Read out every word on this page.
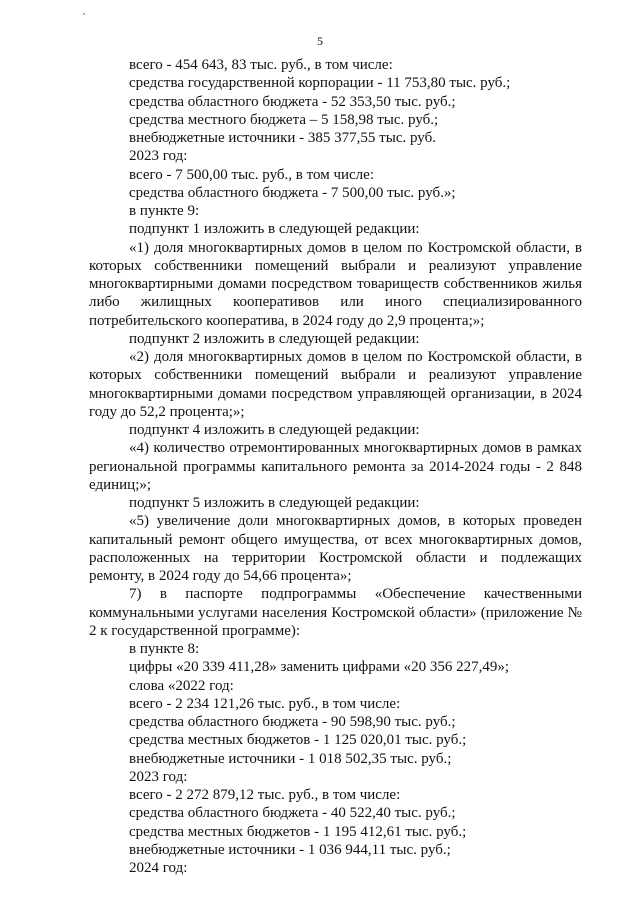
5
всего - 454 643, 83 тыс. руб., в том числе:
средства государственной корпорации - 11 753,80 тыс. руб.;
средства областного бюджета - 52 353,50 тыс. руб.;
средства местного бюджета – 5 158,98 тыс. руб.;
внебюджетные источники - 385 377,55 тыс. руб.
2023 год:
всего - 7 500,00 тыс. руб., в том числе:
средства областного бюджета - 7 500,00 тыс. руб.»;
в пункте 9:
подпункт 1 изложить в следующей редакции:
«1) доля многоквартирных домов в целом по Костромской области, в которых собственники помещений выбрали и реализуют управление многоквартирными домами посредством товариществ собственников жилья либо жилищных кооперативов или иного специализированного потребительского кооператива, в 2024 году до 2,9 процента;»;
подпункт 2 изложить в следующей редакции:
«2) доля многоквартирных домов в целом по Костромской области, в которых собственники помещений выбрали и реализуют управление многоквартирными домами посредством управляющей организации, в 2024 году до 52,2 процента;»;
подпункт 4 изложить в следующей редакции:
«4) количество отремонтированных многоквартирных домов в рамках региональной программы капитального ремонта за 2014-2024 годы - 2 848 единиц;»;
подпункт 5 изложить в следующей редакции:
«5) увеличение доли многоквартирных домов, в которых проведен капитальный ремонт общего имущества, от всех многоквартирных домов, расположенных на территории Костромской области и подлежащих ремонту, в 2024 году до 54,66 процента»;
7) в паспорте подпрограммы «Обеспечение качественными коммунальными услугами населения Костромской области» (приложение № 2 к государственной программе):
в пункте 8:
цифры «20 339 411,28» заменить цифрами «20 356 227,49»;
слова «2022 год:
всего - 2 234 121,26 тыс. руб., в том числе:
средства областного бюджета - 90 598,90 тыс. руб.;
средства местных бюджетов - 1 125 020,01 тыс. руб.;
внебюджетные источники - 1 018 502,35 тыс. руб.;
2023 год:
всего - 2 272 879,12 тыс. руб., в том числе:
средства областного бюджета - 40 522,40 тыс. руб.;
средства местных бюджетов - 1 195 412,61 тыс. руб.;
внебюджетные источники - 1 036 944,11 тыс. руб.;
2024 год:
